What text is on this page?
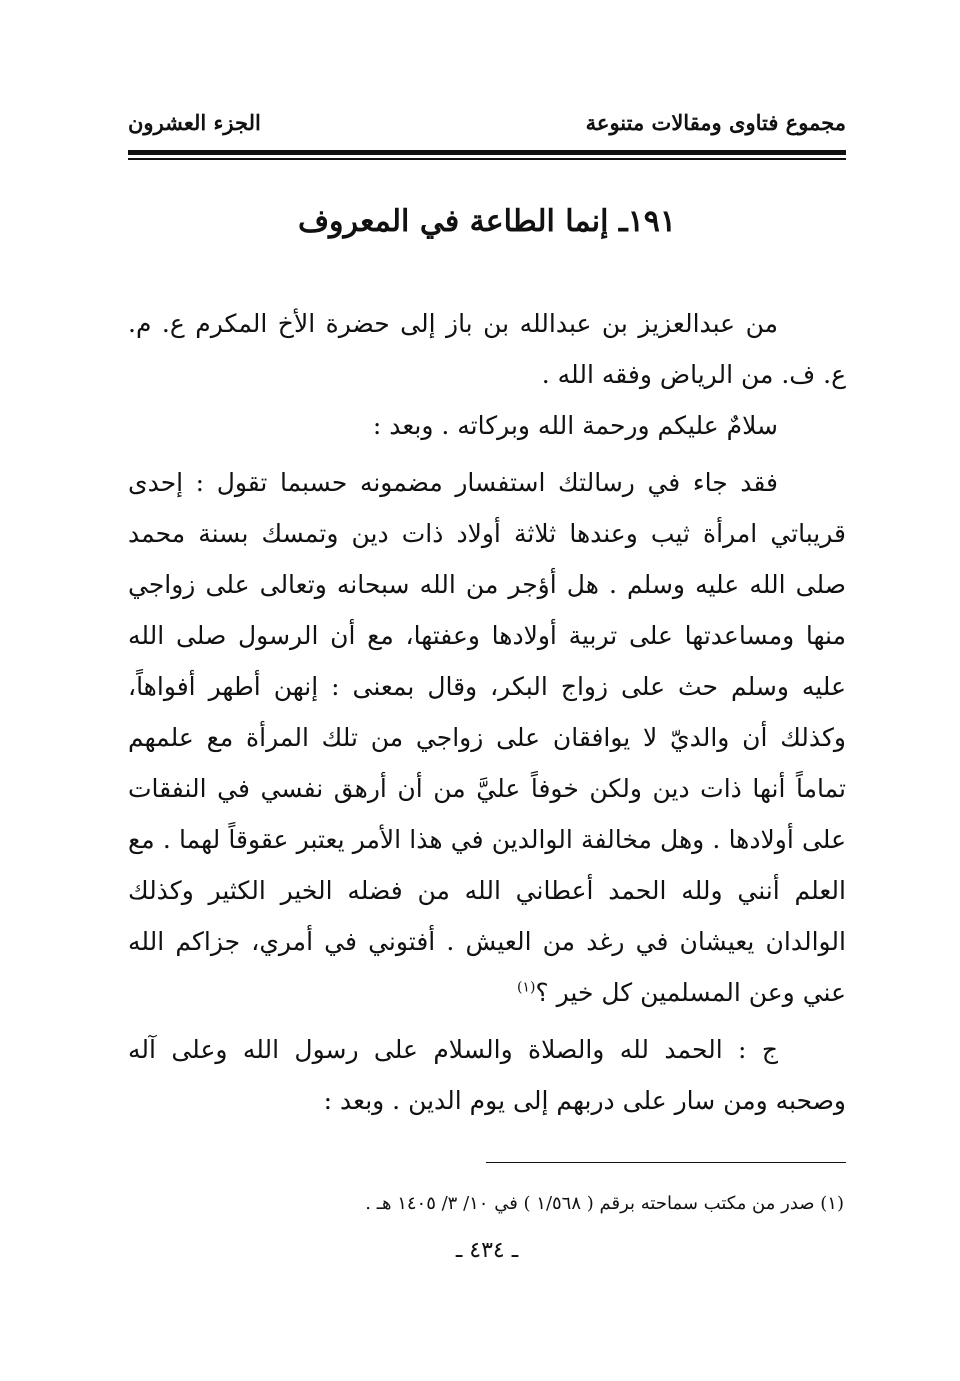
مجموع فتاوى ومقالات متنوعة
الجزء العشرون
١٩١ـ إنما الطاعة في المعروف

من عبدالعزيز بن عبدالله بن باز إلى حضرة الأخ المكرم ع. م. ع. ف. من الرياض وفقه الله .

سلامٌ عليكم ورحمة الله وبركاته . وبعد :

فقد جاء في رسالتك استفسار مضمونه حسبما تقول : إحدى قريباتي امرأة ثيب وعندها ثلاثة أولاد ذات دين وتمسك بسنة محمد صلى الله عليه وسلم . هل أؤجر من الله سبحانه وتعالى على زواجي منها ومساعدتها على تربية أولادها وعفتها، مع أن الرسول صلى الله عليه وسلم حث على زواج البكر، وقال بمعنى : إنهن أطهر أفواهاً، وكذلك أن والديّ لا يوافقان على زواجي من تلك المرأة مع علمهم تماماً أنها ذات دين ولكن خوفاً عليَّ من أن أرهق نفسي في النفقات على أولادها . وهل مخالفة الوالدين في هذا الأمر يعتبر عقوقاً لهما . مع العلم أنني ولله الحمد أعطاني الله من فضله الخير الكثير وكذلك الوالدان يعيشان في رغد من العيش . أفتوني في أمري، جزاكم الله عني وعن المسلمين كل خير ؟$^{(١)}$

ج : الحمد لله والصلاة والسلام على رسول الله وعلى آله وصحبه ومن سار على دربهم إلى يوم الدين . وبعد :

(١) صدر من مكتب سماحته برقم ( ١/٥٦٨ ) في ١٠/ ٣/ ١٤٠٥ هـ .
ـ ٤٣٤ ـ
